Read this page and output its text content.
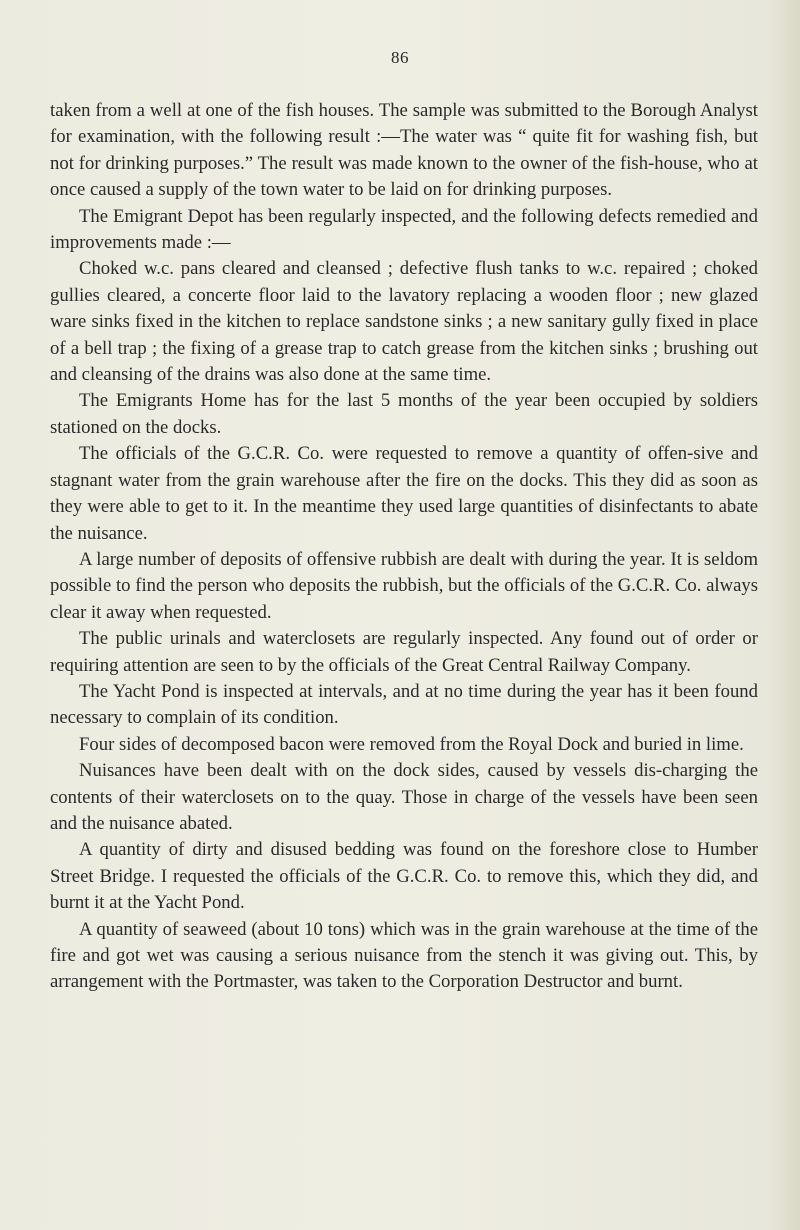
86

taken from a well at one of the fish houses. The sample was submitted to the Borough Analyst for examination, with the following result :—The water was “ quite fit for washing fish, but not for drinking purposes.” The result was made known to the owner of the fish-house, who at once caused a supply of the town water to be laid on for drinking purposes.

The Emigrant Depot has been regularly inspected, and the following defects remedied and improvements made :—

Choked w.c. pans cleared and cleansed ; defective flush tanks to w.c. repaired ; choked gullies cleared, a concerte floor laid to the lavatory replacing a wooden floor ; new glazed ware sinks fixed in the kitchen to replace sandstone sinks ; a new sanitary gully fixed in place of a bell trap ; the fixing of a grease trap to catch grease from the kitchen sinks ; brushing out and cleansing of the drains was also done at the same time.

The Emigrants Home has for the last 5 months of the year been occupied by soldiers stationed on the docks.

The officials of the G.C.R. Co. were requested to remove a quantity of offen-sive and stagnant water from the grain warehouse after the fire on the docks. This they did as soon as they were able to get to it. In the meantime they used large quantities of disinfectants to abate the nuisance.

A large number of deposits of offensive rubbish are dealt with during the year. It is seldom possible to find the person who deposits the rubbish, but the officials of the G.C.R. Co. always clear it away when requested.

The public urinals and waterclosets are regularly inspected. Any found out of order or requiring attention are seen to by the officials of the Great Central Railway Company.

The Yacht Pond is inspected at intervals, and at no time during the year has it been found necessary to complain of its condition.

Four sides of decomposed bacon were removed from the Royal Dock and buried in lime.

Nuisances have been dealt with on the dock sides, caused by vessels dis-charging the contents of their waterclosets on to the quay. Those in charge of the vessels have been seen and the nuisance abated.

A quantity of dirty and disused bedding was found on the foreshore close to Humber Street Bridge. I requested the officials of the G.C.R. Co. to remove this, which they did, and burnt it at the Yacht Pond.

A quantity of seaweed (about 10 tons) which was in the grain warehouse at the time of the fire and got wet was causing a serious nuisance from the stench it was giving out. This, by arrangement with the Portmaster, was taken to the Corporation Destructor and burnt.
